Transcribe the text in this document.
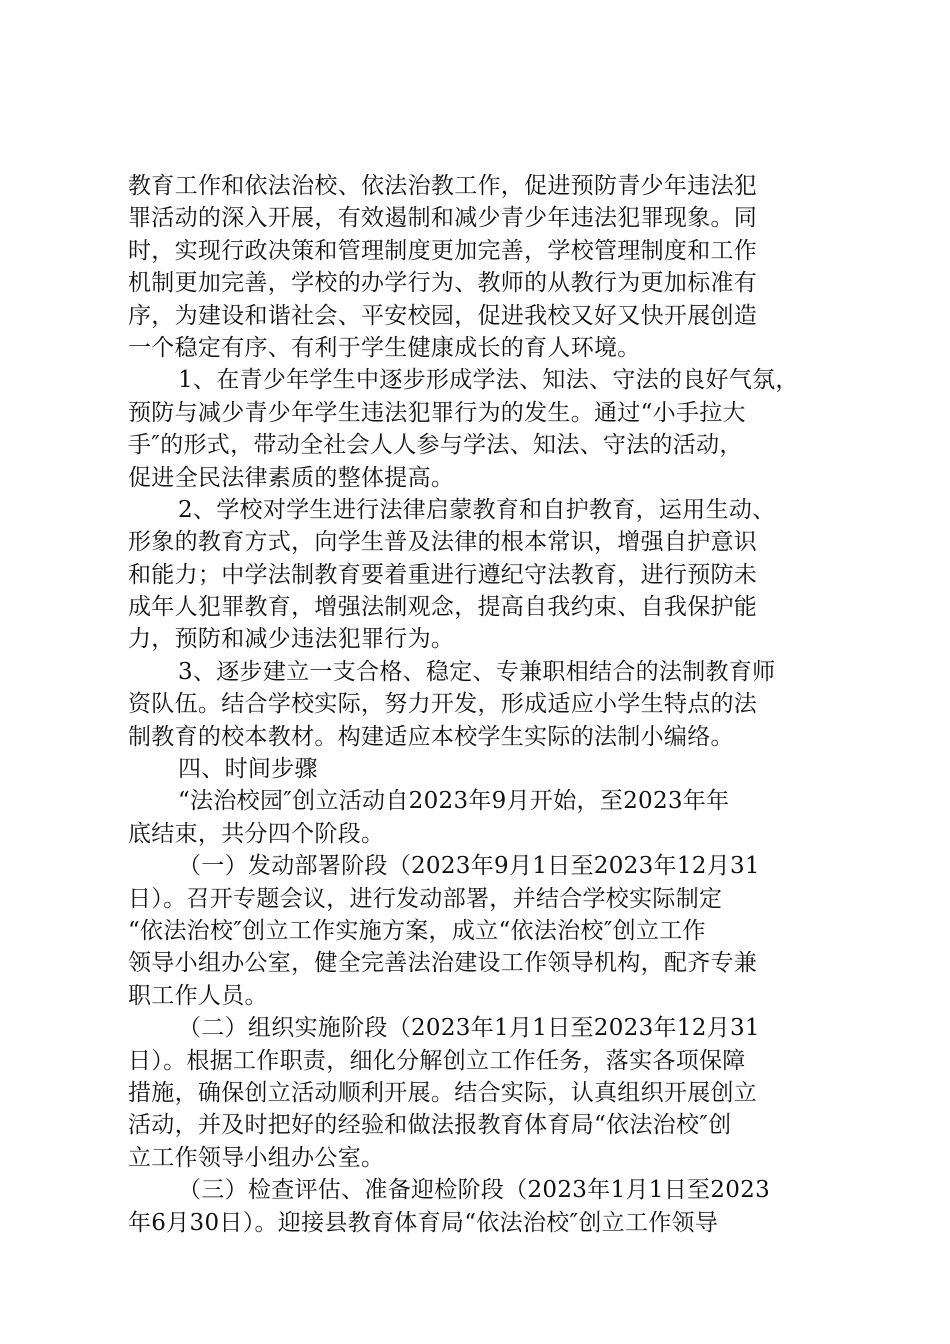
教育工作和依法治校、依法治教工作，促进预防青少年违法犯
罪活动的深入开展，有效遏制和减少青少年违法犯罪现象。同
时，实现行政决策和管理制度更加完善，学校管理制度和工作
机制更加完善，学校的办学行为、教师的从教行为更加标准有
序，为建设和谐社会、平安校园，促进我校又好又快开展创造
一个稳定有序、有利于学生健康成长的育人环境。
1、在青少年学生中逐步形成学法、知法、守法的良好气氛，
预防与减少青少年学生违法犯罪行为的发生。通过“小手拉大
手″的形式，带动全社会人人参与学法、知法、守法的活动，
促进全民法律素质的整体提高。
2、学校对学生进行法律启蒙教育和自护教育，运用生动、
形象的教育方式，向学生普及法律的根本常识，增强自护意识
和能力；中学法制教育要着重进行遵纪守法教育，进行预防未
成年人犯罪教育，增强法制观念，提高自我约束、自我保护能
力，预防和减少违法犯罪行为。
3、逐步建立一支合格、稳定、专兼职相结合的法制教育师
资队伍。结合学校实际，努力开发，形成适应小学生特点的法
制教育的校本教材。构建适应本校学生实际的法制小编络。
四、时间步骤
“法治校园″创立活动自2023年9月开始，至2023年年
底结束，共分四个阶段。
（一）发动部署阶段（2023年9月1日至2023年12月31
日）。召开专题会议，进行发动部署，并结合学校实际制定
“依法治校″创立工作实施方案，成立“依法治校″创立工作
领导小组办公室，健全完善法治建设工作领导机构，配齐专兼
职工作人员。
（二）组织实施阶段（2023年1月1日至2023年12月31
日）。根据工作职责，细化分解创立工作任务，落实各项保障
措施，确保创立活动顺利开展。结合实际，认真组织开展创立
活动，并及时把好的经验和做法报教育体育局“依法治校″创
立工作领导小组办公室。
（三）检查评估、准备迎检阶段（2023年1月1日至2023
年6月30日）。迎接县教育体育局“依法治校″创立工作领导
